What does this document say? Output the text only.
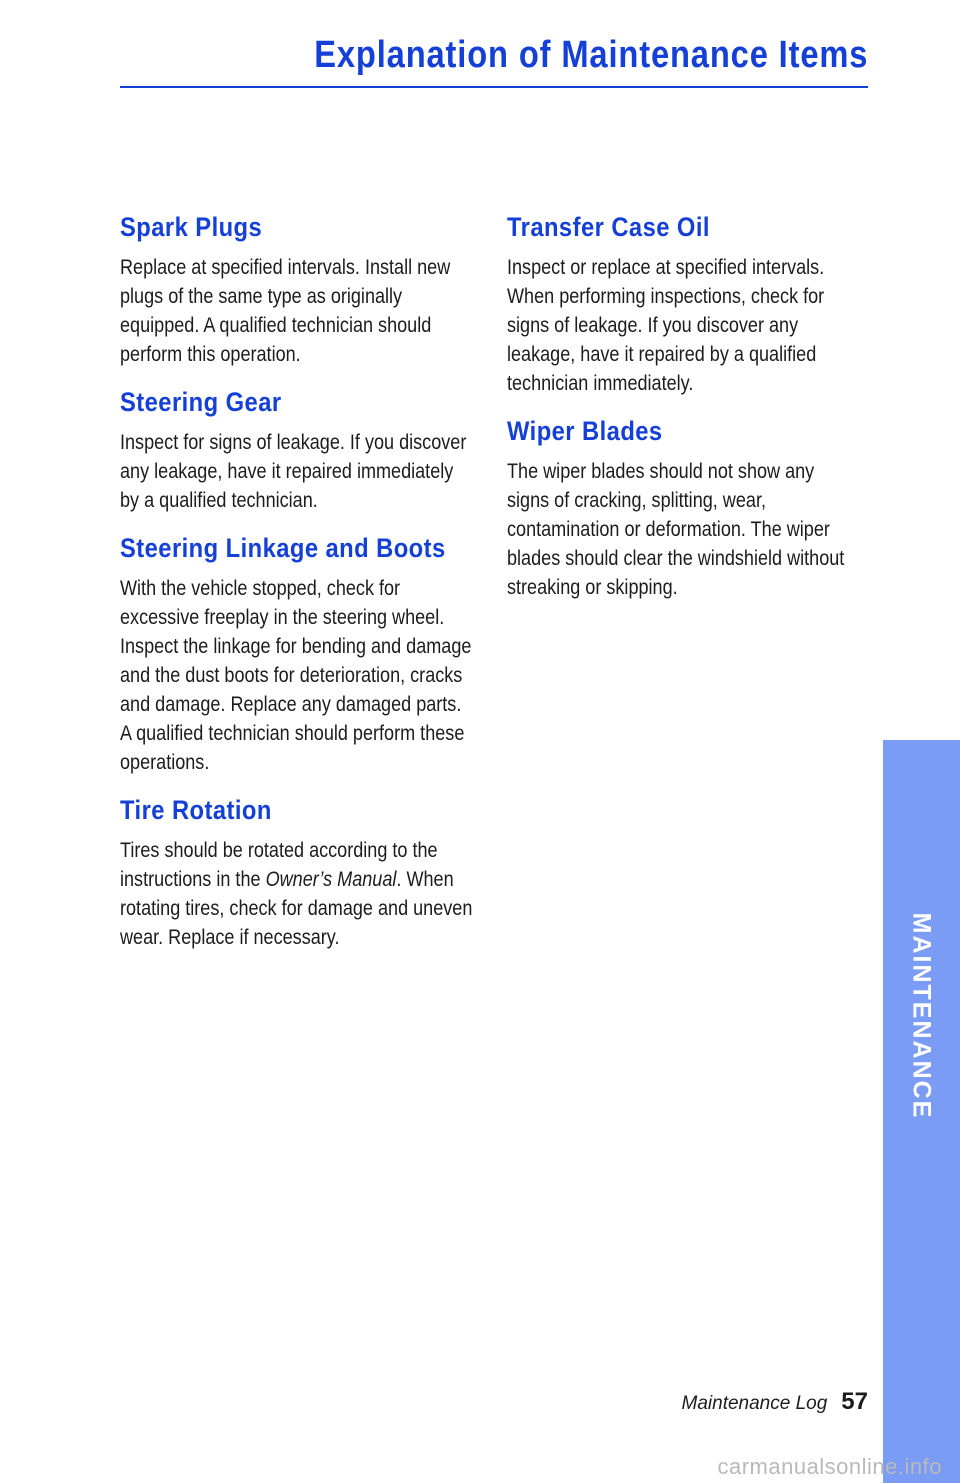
Explanation of Maintenance Items
Spark Plugs

Replace at specified intervals. Install new plugs of the same type as originally equipped. A qualified technician should perform this operation.

Steering Gear

Inspect for signs of leakage. If you discover any leakage, have it repaired immediately by a qualified technician.

Steering Linkage and Boots

With the vehicle stopped, check for excessive freeplay in the steering wheel. Inspect the linkage for bending and damage and the dust boots for deterioration, cracks and damage. Replace any damaged parts. A qualified technician should perform these operations.

Tire Rotation

Tires should be rotated according to the instructions in the Owner’s Manual. When rotating tires, check for damage and uneven wear. Replace if necessary.

Transfer Case Oil

Inspect or replace at specified intervals. When performing inspections, check for signs of leakage. If you discover any leakage, have it repaired by a qualified technician immediately.

Wiper Blades

The wiper blades should not show any signs of cracking, splitting, wear, contamination or deformation. The wiper blades should clear the windshield without streaking or skipping.

MAINTENANCE
Maintenance Log 57
carmanualsonline.info
